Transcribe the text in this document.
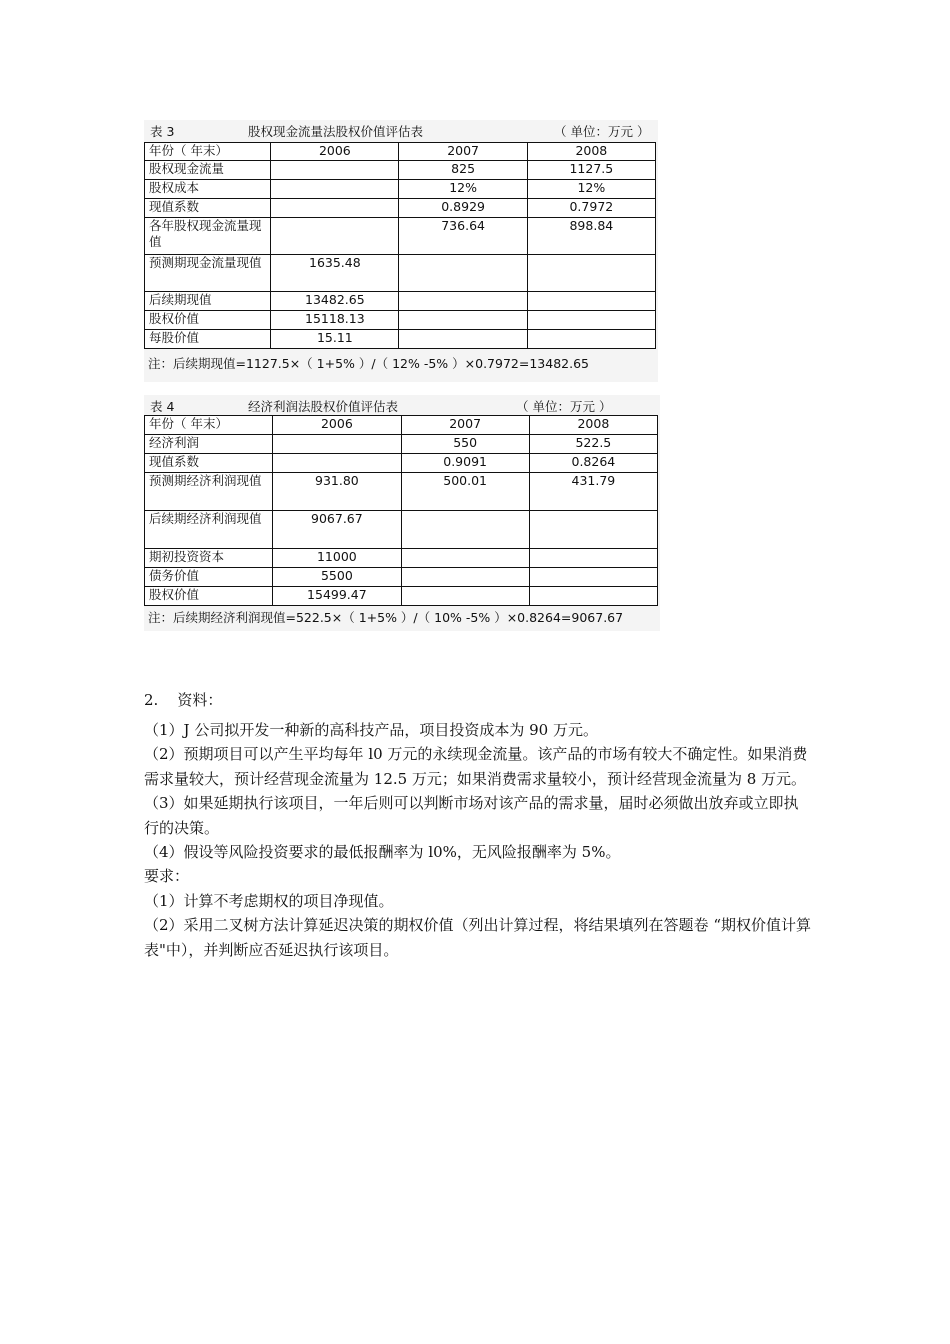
表 3	股权现金流量法股权价值评估表	（ 单位：万元 ）
年份（ 年末）	2006	2007	2008
股权现金流量		825	1127.5
股权成本		12%	12%
现值系数		0.8929	0.7972
各年股权现金流量现值		736.64	898.84
预测期现金流量现值	1635.48		
后续期现值	13482.65		
股权价值	15118.13		
每股价值	15.11		
注：后续期现值=1127.5×（ 1+5% ）/（ 12% -5% ）×0.7972=13482.65
表 4	经济利润法股权价值评估表	（ 单位：万元 ）
年份（ 年末）	2006	2007	2008
经济利润		550	522.5
现值系数		0.9091	0.8264
预测期经济利润现值	931.80	500.01	431.79
后续期经济利润现值	9067.67		
期初投资资本	11000		
债务价值	5500		
股权价值	15499.47		
注：后续期经济利润现值=522.5×（ 1+5% ）/（ 10% -5% ）×0.8264=9067.67
2.    资料：

（1）J 公司拟开发一种新的高科技产品，项目投资成本为 90 万元。

（2）预期项目可以产生平均每年 l0 万元的永续现金流量。该产品的市场有较大不确定性。如果消费需求量较大，预计经营现金流量为 12.5 万元；如果消费需求量较小，预计经营现金流量为 8 万元。

（3）如果延期执行该项目，一年后则可以判断市场对该产品的需求量，届时必须做出放弃或立即执行的决策。

（4）假设等风险投资要求的最低报酬率为 l0%，无风险报酬率为 5%。

要求：

（1）计算不考虑期权的项目净现值。

（2）采用二叉树方法计算延迟决策的期权价值（列出计算过程，将结果填列在答题卷 “期权价值计算表"中），并判断应否延迟执行该项目。
